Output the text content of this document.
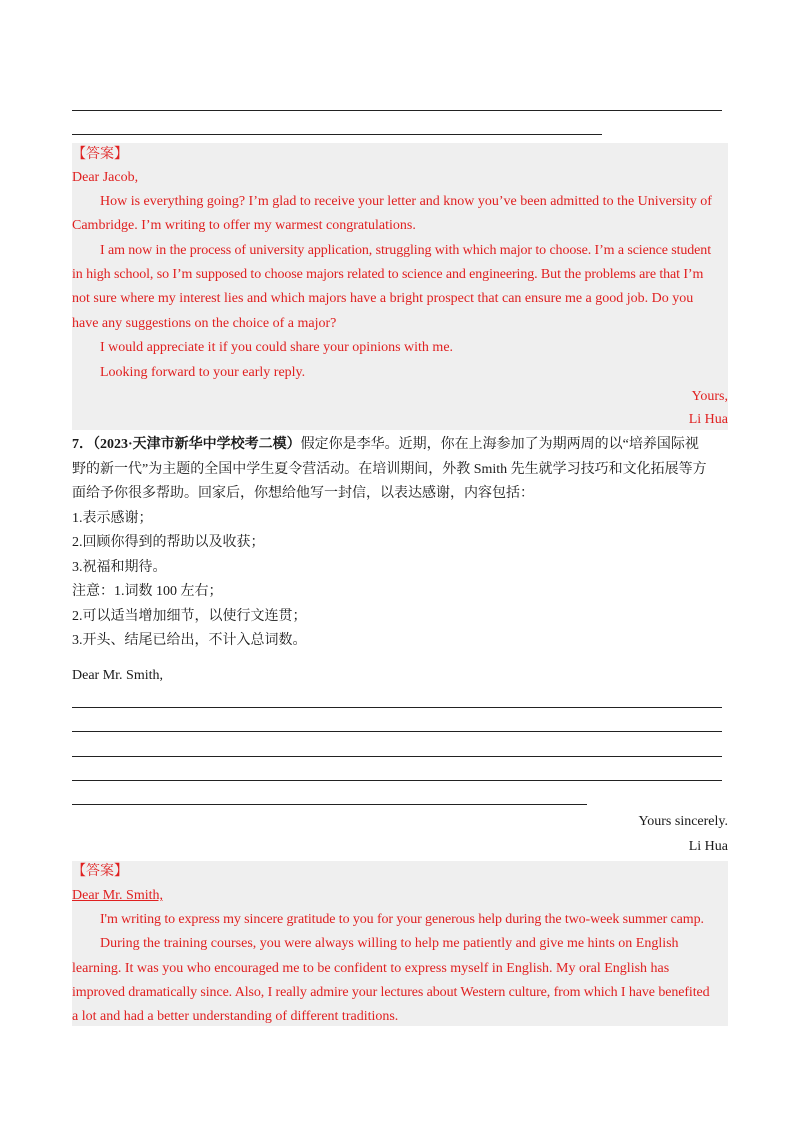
【答案】
Dear Jacob,
How is everything going? I’m glad to receive your letter and know you’ve been admitted to the University of
Cambridge. I’m writing to offer my warmest congratulations.
I am now in the process of university application, struggling with which major to choose. I’m a science student
in high school, so I’m supposed to choose majors related to science and engineering. But the problems are that I’m
not sure where my interest lies and which majors have a bright prospect that can ensure me a good job. Do you
have any suggestions on the choice of a major?
I would appreciate it if you could share your opinions with me.
Looking forward to your early reply.
Yours,
Li Hua
7．（2023·天津市新华中学校考二模）假定你是李华。近期，你在上海参加了为期两周的以“培养国际视
野的新一代”为主题的全国中学生夏令营活动。在培训期间，外教 Smith 先生就学习技巧和文化拓展等方
面给予你很多帮助。回家后，你想给他写一封信，以表达感谢，内容包括：
1.表示感谢；
2.回顾你得到的帮助以及收获；
3.祝福和期待。
注意：1.词数 100 左右；
2.可以适当增加细节，以使行文连贯；
3.开头、结尾已给出，不计入总词数。
Dear Mr. Smith,
Yours sincerely.
Li Hua
【答案】
Dear Mr. Smith,
I'm writing to express my sincere gratitude to you for your generous help during the two-week summer camp.
During the training courses, you were always willing to help me patiently and give me hints on English
learning. It was you who encouraged me to be confident to express myself in English. My oral English has
improved dramatically since. Also, I really admire your lectures about Western culture, from which I have benefited
a lot and had a better understanding of different traditions.
